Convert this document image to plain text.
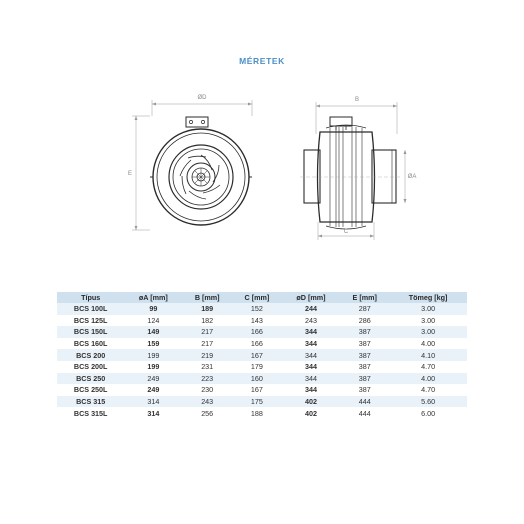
MÉRETEK
ØD
E
B
C
ØA
Típus	øA [mm]	B [mm]	C [mm]	øD [mm]	E [mm]	Tömeg [kg]
BCS 100L	99	189	152	244	287	3.00
BCS 125L	124	182	143	243	286	3.00
BCS 150L	149	217	166	344	387	3.00
BCS 160L	159	217	166	344	387	4.00
BCS 200	199	219	167	344	387	4.10
BCS 200L	199	231	179	344	387	4.70
BCS 250	249	223	160	344	387	4.00
BCS 250L	249	230	167	344	387	4.70
BCS 315	314	243	175	402	444	5.60
BCS 315L	314	256	188	402	444	6.00
